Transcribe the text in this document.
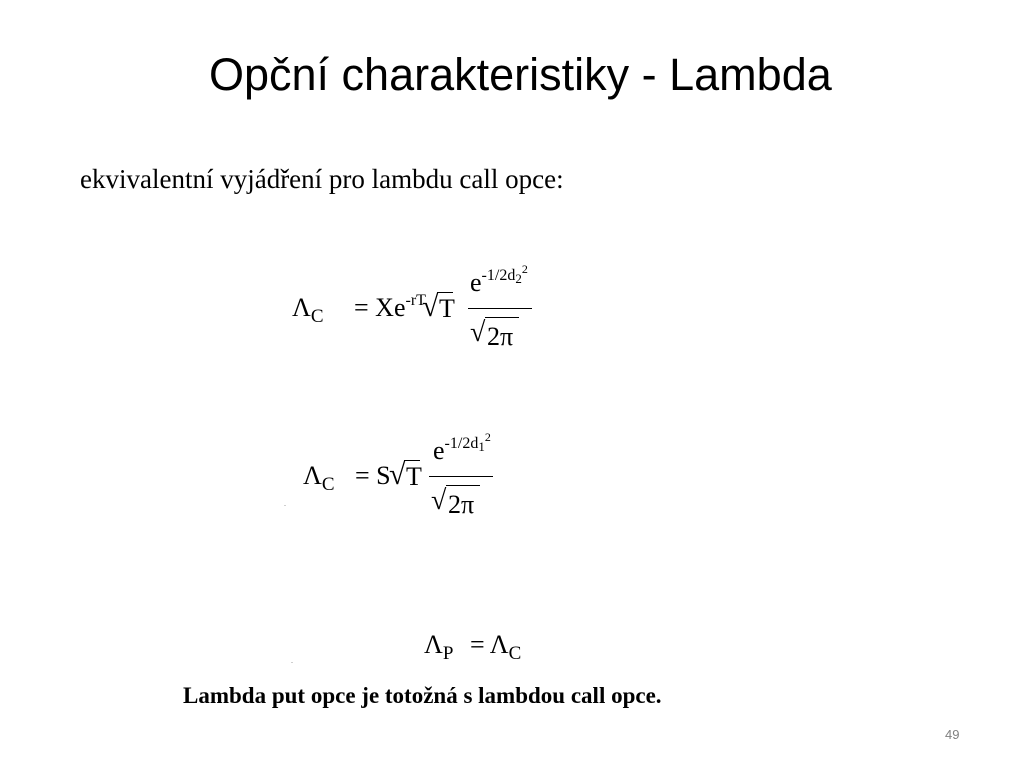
Opční charakteristiky - Lambda
ekvivalentní vyjádření pro lambdu call opce:
$\Lambda_C = Xe^{-rT}$
√ T
$e^{-1/2d22}$
√ 2π
$\Lambda_C = S$
√ T
$e^{-1/2d12}$
√ 2π
$\Lambda_P = \Lambda_C$
Lambda put opce je totožná s lambdou call opce.
49
